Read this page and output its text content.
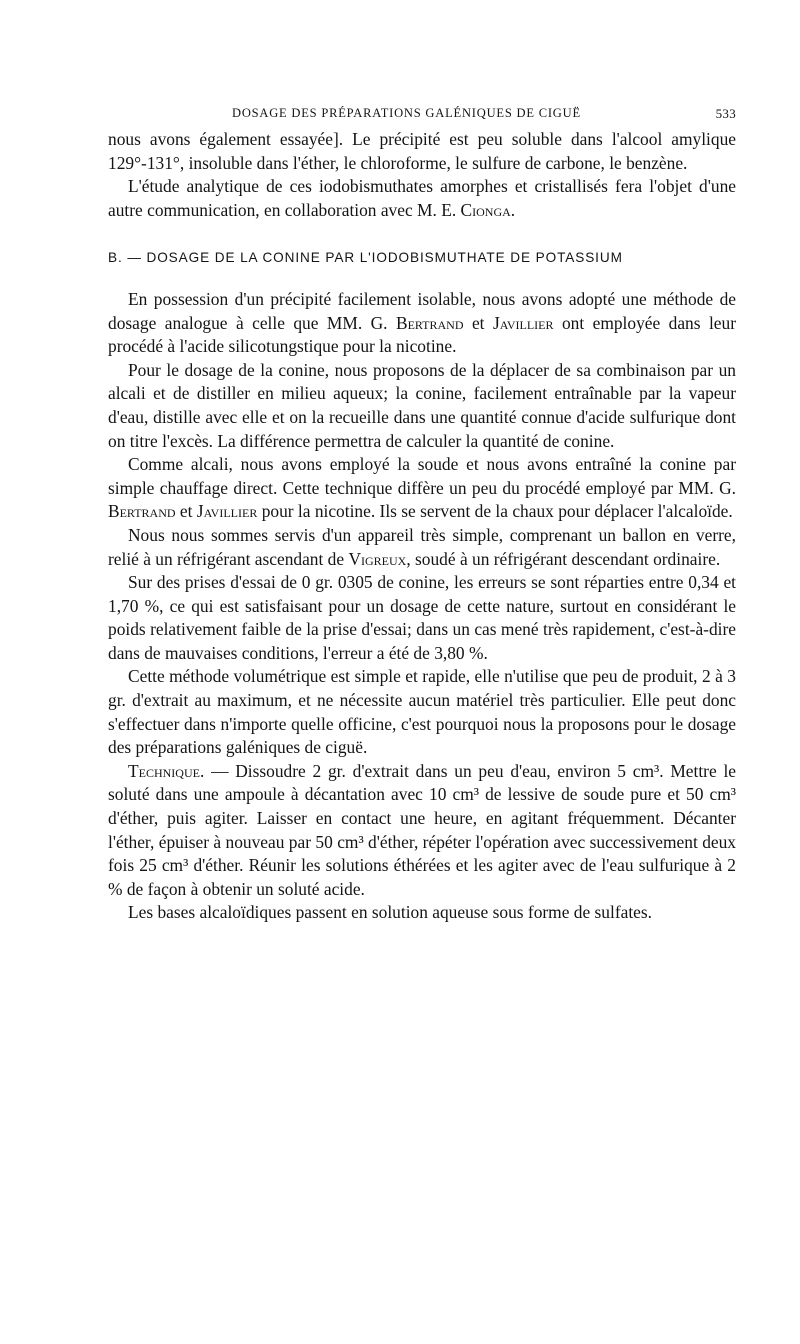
DOSAGE DES PRÉPARATIONS GALÉNIQUES DE CIGUË	533

nous avons également essayée]. Le précipité est peu soluble dans l'alcool amylique 129°-131°, insoluble dans l'éther, le chloroforme, le sulfure de carbone, le benzène.

L'étude analytique de ces iodobismuthates amorphes et cristallisés fera l'objet d'une autre communication, en collaboration avec M. E. Cionga.

B. — DOSAGE DE LA CONINE PAR L'IODOBISMUTHATE DE POTASSIUM

En possession d'un précipité facilement isolable, nous avons adopté une méthode de dosage analogue à celle que MM. G. Bertrand et Javillier ont employée dans leur procédé à l'acide silicotungstique pour la nicotine.

Pour le dosage de la conine, nous proposons de la déplacer de sa combinaison par un alcali et de distiller en milieu aqueux; la conine, facilement entraînable par la vapeur d'eau, distille avec elle et on la recueille dans une quantité connue d'acide sulfurique dont on titre l'excès. La différence permettra de calculer la quantité de conine.

Comme alcali, nous avons employé la soude et nous avons entraîné la conine par simple chauffage direct. Cette technique diffère un peu du procédé employé par MM. G. Bertrand et Javillier pour la nicotine. Ils se servent de la chaux pour déplacer l'alcaloïde.

Nous nous sommes servis d'un appareil très simple, comprenant un ballon en verre, relié à un réfrigérant ascendant de Vigreux, soudé à un réfrigérant descendant ordinaire.

Sur des prises d'essai de 0 gr. 0305 de conine, les erreurs se sont réparties entre 0,34 et 1,70 %, ce qui est satisfaisant pour un dosage de cette nature, surtout en considérant le poids relativement faible de la prise d'essai; dans un cas mené très rapidement, c'est-à-dire dans de mauvaises conditions, l'erreur a été de 3,80 %.

Cette méthode volumétrique est simple et rapide, elle n'utilise que peu de produit, 2 à 3 gr. d'extrait au maximum, et ne nécessite aucun matériel très particulier. Elle peut donc s'effectuer dans n'importe quelle officine, c'est pourquoi nous la proposons pour le dosage des préparations galéniques de ciguë.

Technique. — Dissoudre 2 gr. d'extrait dans un peu d'eau, environ 5 cm³. Mettre le soluté dans une ampoule à décantation avec 10 cm³ de lessive de soude pure et 50 cm³ d'éther, puis agiter. Laisser en contact une heure, en agitant fréquemment. Décanter l'éther, épuiser à nouveau par 50 cm³ d'éther, répéter l'opération avec successivement deux fois 25 cm³ d'éther. Réunir les solutions éthérées et les agiter avec de l'eau sulfurique à 2 % de façon à obtenir un soluté acide.

Les bases alcaloïdiques passent en solution aqueuse sous forme de sulfates.
